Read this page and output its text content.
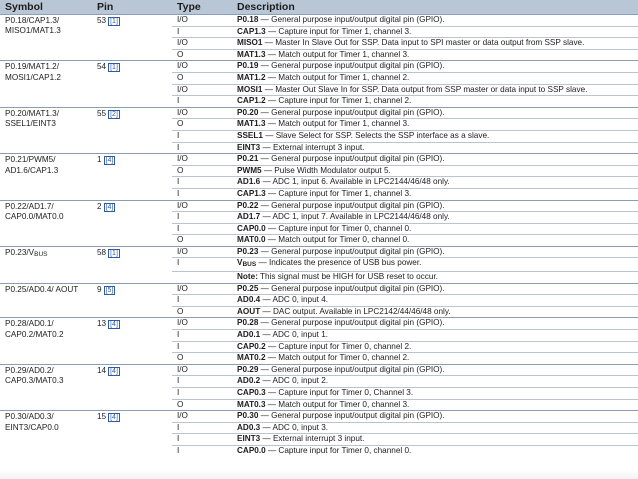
Symbol	Pin	Type	Description
P0.18/CAP1.3/ MISO1/MAT1.3	53 [1]	I/O	P0.18 — General purpose input/output digital pin (GPIO).
		I	CAP1.3 — Capture input for Timer 1, channel 3.
		I/O	MISO1 — Master In Slave Out for SSP. Data input to SPI master or data output from SSP slave.
		O	MAT1.3 — Match output for Timer 1, channel 3.
P0.19/MAT1.2/ MOSI1/CAP1.2	54 [1]	I/O	P0.19 — General purpose input/output digital pin (GPIO).
		O	MAT1.2 — Match output for Timer 1, channel 2.
		I/O	MOSI1 — Master Out Slave In for SSP. Data output from SSP master or data input to SSP slave.
		I	CAP1.2 — Capture input for Timer 1, channel 2.
P0.20/MAT1.3/ SSEL1/EINT3	55 [2]	I/O	P0.20 — General purpose input/output digital pin (GPIO).
		O	MAT1.3 — Match output for Timer 1, channel 3.
		I	SSEL1 — Slave Select for SSP. Selects the SSP interface as a slave.
		I	EINT3 — External interrupt 3 input.
P0.21/PWM5/ AD1.6/CAP1.3	1 [4]	I/O	P0.21 — General purpose input/output digital pin (GPIO).
		O	PWM5 — Pulse Width Modulator output 5.
		I	AD1.6 — ADC 1, input 6. Available in LPC2144/46/48 only.
		I	CAP1.3 — Capture input for Timer 1, channel 3.
P0.22/AD1.7/ CAP0.0/MAT0.0	2 [4]	I/O	P0.22 — General purpose input/output digital pin (GPIO).
		I	AD1.7 — ADC 1, input 7. Available in LPC2144/46/48 only.
		I	CAP0.0 — Capture input for Timer 0, channel 0.
		O	MAT0.0 — Match output for Timer 0, channel 0.
P0.23/VBUS	58 [1]	I/O	P0.23 — General purpose input/output digital pin (GPIO).
		I	VBUS — Indicates the presence of USB bus power.
			Note: This signal must be HIGH for USB reset to occur.
P0.25/AD0.4/ AOUT	9 [5]	I/O	P0.25 — General purpose input/output digital pin (GPIO).
		I	AD0.4 — ADC 0, input 4.
		O	AOUT — DAC output. Available in LPC2142/44/46/48 only.
P0.28/AD0.1/ CAP0.2/MAT0.2	13 [4]	I/O	P0.28 — General purpose input/output digital pin (GPIO).
		I	AD0.1 — ADC 0, input 1.
		I	CAP0.2 — Capture input for Timer 0, channel 2.
		O	MAT0.2 — Match output for Timer 0, channel 2.
P0.29/AD0.2/ CAP0.3/MAT0.3	14 [4]	I/O	P0.29 — General purpose input/output digital pin (GPIO).
		I	AD0.2 — ADC 0, input 2.
		I	CAP0.3 — Capture input for Timer 0, Channel 3.
		O	MAT0.3 — Match output for Timer 0, channel 3.
P0.30/AD0.3/ EINT3/CAP0.0	15 [4]	I/O	P0.30 — General purpose input/output digital pin (GPIO).
		I	AD0.3 — ADC 0, input 3.
		I	EINT3 — External interrupt 3 input.
		I	CAP0.0 — Capture input for Timer 0, channel 0.
